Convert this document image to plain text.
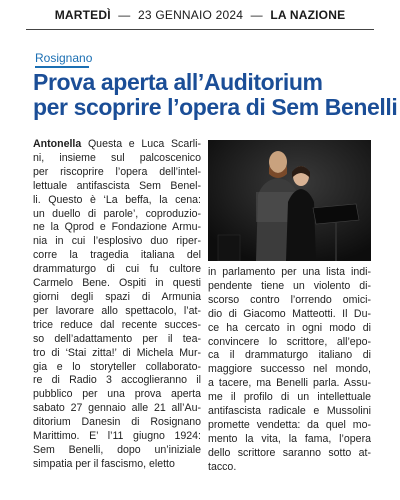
MARTEDÌ — 23 GENNAIO 2024 — LA NAZIONE
Rosignano
Prova aperta all’Auditorium
per scoprire l’opera di Sem Benelli
Antonella Questa e Luca Scarli-
ni, insieme sul palcoscenico
per riscoprire l’opera dell’intel-
lettuale antifascista Sem Benel-
li. Questo è ‘La beffa, la cena:
un duello di parole’, coproduzio-
ne la Qprod e Fondazione Armu-
nia in cui l’esplosivo duo riper-
corre la tragedia italiana del
drammaturgo di cui fu cultore
Carmelo Bene. Ospiti in questi
giorni degli spazi di Armunia
per lavorare allo spettacolo, l’at-
trice reduce dal recente succes-
so dell’adattamento per il tea-
tro di ‘Stai zitta!’ di Michela Mur-
gia e lo storyteller collaborato-
re di Radio 3 accoglieranno il
pubblico per una prova aperta
sabato 27 gennaio alle 21 all’Au-
ditorium Danesin di Rosignano
Marittimo. E’ l’11 giugno 1924:
Sem Benelli, dopo un’iniziale
simpatia per il fascismo, eletto
in parlamento per una lista indi-
pendente tiene un violento di-
scorso contro l’orrendo omici-
dio di Giacomo Matteotti. Il Du-
ce ha cercato in ogni modo di
convincere lo scrittore, all’epo-
ca il drammaturgo italiano di
maggiore successo nel mondo,
a tacere, ma Benelli parla. Assu-
me il profilo di un intellettuale
antifascista radicale e Mussolini
promette vendetta: da quel mo-
mento la vita, la fama, l’opera
dello scrittore saranno sotto at-
tacco.
